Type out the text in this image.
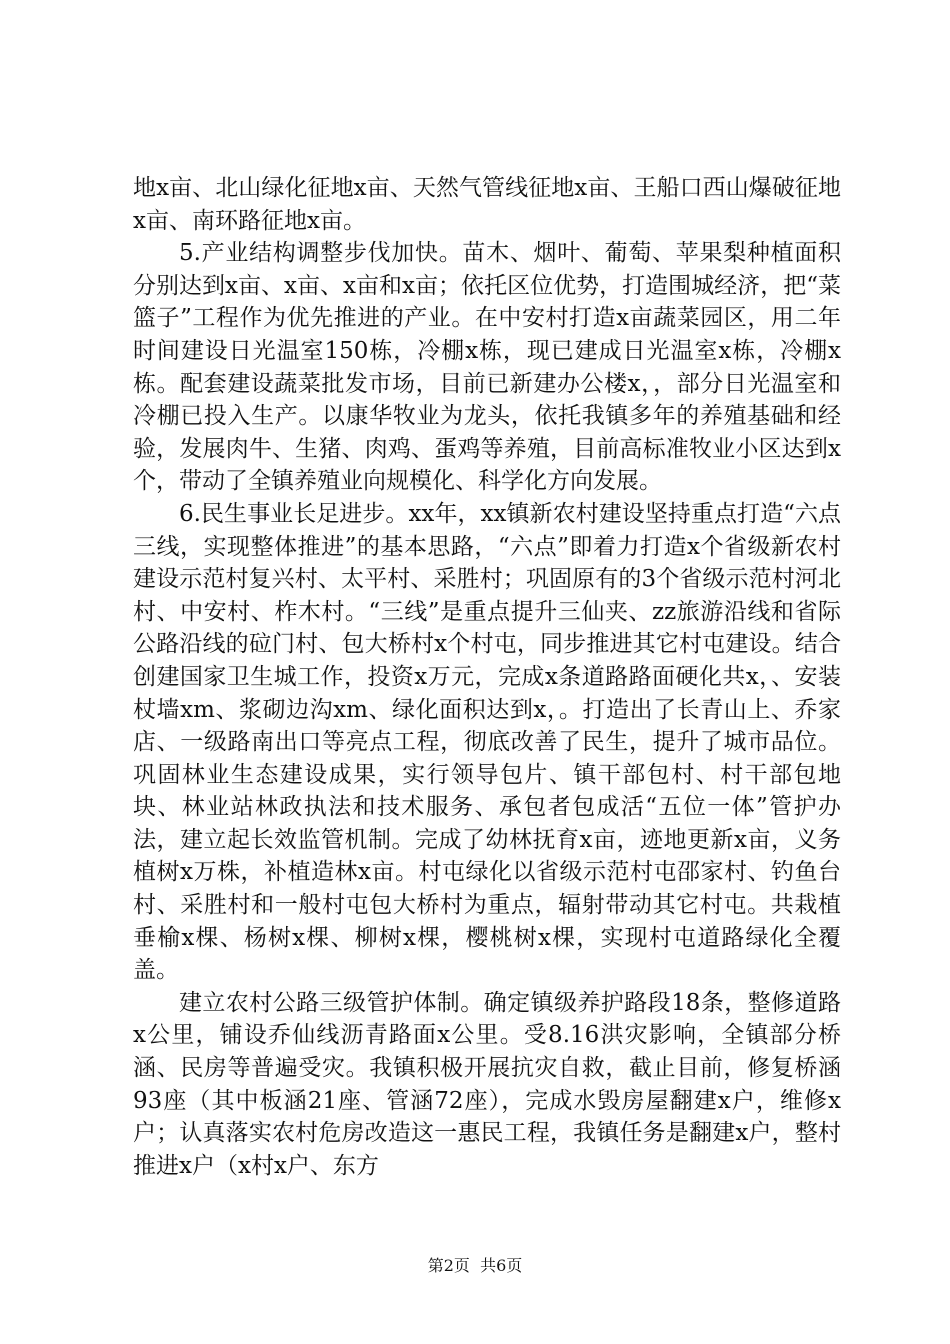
地x亩、北山绿化征地x亩、天然气管线征地x亩、王船口西山爆破征地x亩、南环路征地x亩。

5.产业结构调整步伐加快。苗木、烟叶、葡萄、苹果梨种植面积分别达到x亩、x亩、x亩和x亩；依托区位优势，打造围城经济，把“菜篮子”工程作为优先推进的产业。在中安村打造x亩蔬菜园区，用二年时间建设日光温室150栋，冷棚x栋，现已建成日光温室x栋，冷棚x栋。配套建设蔬菜批发市场，目前已新建办公楼x，，部分日光温室和冷棚已投入生产。以康华牧业为龙头，依托我镇多年的养殖基础和经验，发展肉牛、生猪、肉鸡、蛋鸡等养殖，目前高标准牧业小区达到x个，带动了全镇养殖业向规模化、科学化方向发展。

6.民生事业长足进步。xx年，xx镇新农村建设坚持重点打造“六点三线，实现整体推进”的基本思路，“六点”即着力打造x个省级新农村建设示范村复兴村、太平村、采胜村；巩固原有的3个省级示范村河北村、中安村、柞木村。“三线”是重点提升三仙夹、zz旅游沿线和省际公路沿线的砬门村、包大桥村x个村屯，同步推进其它村屯建设。结合创建国家卫生城工作，投资x万元，完成x条道路路面硬化共x，、安装杖墙xm、浆砌边沟xm、绿化面积达到x，。打造出了长青山上、乔家店、一级路南出口等亮点工程，彻底改善了民生，提升了城市品位。巩固林业生态建设成果，实行领导包片、镇干部包村、村干部包地块、林业站林政执法和技术服务、承包者包成活“五位一体”管护办法，建立起长效监管机制。完成了幼林抚育x亩，迹地更新x亩，义务植树x万株，补植造林x亩。村屯绿化以省级示范村屯邵家村、钓鱼台村、采胜村和一般村屯包大桥村为重点，辐射带动其它村屯。共栽植垂榆x棵、杨树x棵、柳树x棵，樱桃树x棵，实现村屯道路绿化全覆盖。

建立农村公路三级管护体制。确定镇级养护路段18条，整修道路x公里，铺设乔仙线沥青路面x公里。受8.16洪灾影响，全镇部分桥涵、民房等普遍受灾。我镇积极开展抗灾自救，截止目前，修复桥涵93座（其中板涵21座、管涵72座），完成水毁房屋翻建x户，维修x户；认真落实农村危房改造这一惠民工程，我镇任务是翻建x户，整村推进x户（x村x户、东方

第2页  共6页
